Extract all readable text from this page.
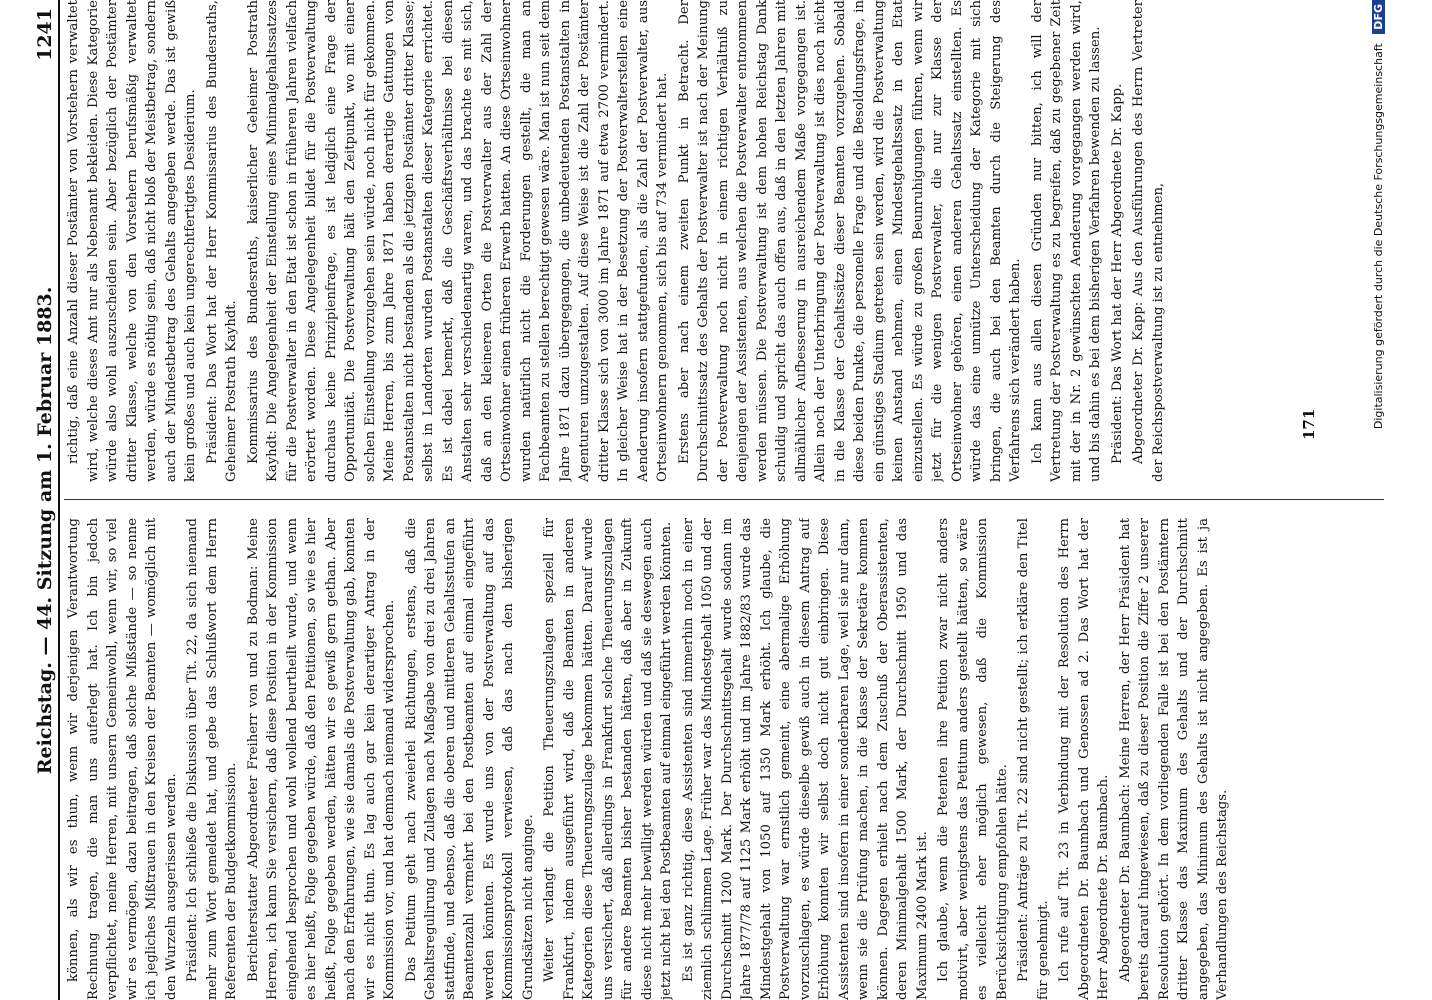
Reichstag. — 44. Sitzung am 1. Februar 1883.
1241

können, als wir es thun, wenn wir derjenigen Verantwortung Rechnung tragen, die man uns auferlegt hat. Ich bin jedoch verpflichtet, meine Herren, mit unsern Gemeinwohl, wenn wir, so viel wir es vermögen, dazu beitragen, daß solche Mißstände — so nenne ich jegliches Mißtrauen in den Kreisen der Beamten — womöglich mit den Wurzeln ausgerissen werden. Präsident: Ich schließe die Diskussion über Tit. 22, da sich niemand mehr zum Wort gemeldet hat, und gebe das Schlußwort dem Herrn Referenten der Budgetkommission. Berichterstatter Abgeordneter Freiherr von und zu Bodman: Meine Herren, ich kann Sie versichern, daß diese Position in der Kommission eingehend besprochen und wohl wollend beurtheilt wurde, und wenn es hier heißt, Folge gegeben würde, daß den Petitionen, so wie es hier heißt, Folge gegeben werden, hätten wir es gewiß gern gethan. Aber nach den Erfahrungen, wie sie damals die Postverwaltung gab, konnten wir es nicht thun. Es lag auch gar kein derartiger Antrag in der Kommission vor, und hat demnach niemand widersprochen. Das Petitum geht nach zweierlei Richtungen, erstens, daß die Gehaltsregulirung und Zulagen nach Maßgabe von drei zu drei Jahren stattfinde, und ebenso, daß die oberen und mittleren Gehaltsstufen an Beamtenzahl vermehrt bei den Postbeamten auf einmal eingeführt werden könnten. Es wurde uns von der Postverwaltung auf das Kommissionsprotokoll verwiesen, daß das nach den bisherigen Grundsätzen nicht anginge. Weiter verlangt die Petition Theuerungszulagen speziell für Frankfurt, indem ausgeführt wird, daß die Beamten in anderen Kategorien diese Theuerungszulage bekommen hätten. Darauf wurde uns versichert, daß allerdings in Frankfurt solche Theuerungszulagen für andere Beamten bisher bestanden hätten, daß aber in Zukunft diese nicht mehr bewilligt werden würden und daß sie deswegen auch jetzt nicht bei den Postbeamten auf einmal eingeführt werden könnten. Es ist ganz richtig, diese Assistenten sind immerhin noch in einer ziemlich schlimmen Lage. Früher war das Mindestgehalt 1050 und der Durchschnitt 1200 Mark. Der Durchschnittsgehalt wurde sodann im Jahre 1877/78 auf 1125 Mark erhöht und im Jahre 1882/83 wurde das Mindestgehalt von 1050 auf 1350 Mark erhöht. Ich glaube, die Postverwaltung war ernstlich gemeint, eine abermalige Erhöhung vorzuschlagen, es würde dieselbe gewiß auch in diesem Antrag auf Erhöhung konnten wir selbst doch nicht gut einbringen. Diese Assistenten sind insofern in einer sonderbaren Lage, weil sie nur dann, wenn sie die Prüfung machen, in die Klasse der Sekretäre kommen können. Dagegen erhielt nach dem Zuschuß der Oberassistenten, deren Minimalgehalt 1500 Mark, der Durchschnitt 1950 und das Maximum 2400 Mark ist. Ich glaube, wenn die Petenten ihre Petition zwar nicht anders motivirt, aber wenigstens das Petitum anders gestellt hätten, so wäre es vielleicht eher möglich gewesen, daß die Kommission Berücksichtigung empfohlen hätte. Präsident: Anträge zu Tit. 22 sind nicht gestellt; ich erkläre den Titel für genehmigt. Ich rufe auf Tit. 23 in Verbindung mit der Resolution des Herrn Abgeordneten Dr. Baumbach und Genossen ad 2. Das Wort hat der Herr Abgeordnete Dr. Baumbach. Abgeordneter Dr. Baumbach: Meine Herren, der Herr Präsident hat bereits darauf hingewiesen, daß zu dieser Position die Ziffer 2 unserer Resolution gehört. In dem vorliegenden Falle ist bei den Postämtern dritter Klasse das Maximum des Gehalts und der Durchschnitt angegeben, das Minimum des Gehalts ist nicht angegeben. Es ist ja Verhandlungen des Reichstags.

richtig, daß eine Anzahl dieser Postämter von Vorstehern verwaltet wird, welche dieses Amt nur als Nebenamt bekleiden. Diese Kategorie würde also wohl auszuscheiden sein. Aber bezüglich der Postämter dritter Klasse, welche von den Vorstehern berufsmäßig verwaltet werden, würde es nöthig sein, daß nicht bloß der Meistbetrag, sondern auch der Mindestbetrag des Gehalts angegeben werde. Das ist gewiß kein großes und auch kein ungerechtfertigtes Desiderium. Präsident: Das Wort hat der Herr Kommissarius des Bundesraths, Geheimer Postrath Kayhdt. Kommissarius des Bundesraths, kaiserlicher Geheimer Postrath Kayhdt: Die Angelegenheit der Einstellung eines Minimalgehaltssatzes für die Postverwalter in den Etat ist schon in früheren Jahren vielfach erörtert worden. Diese Angelegenheit bildet für die Postverwaltung durchaus keine Prinzipienfrage, es ist lediglich eine Frage der Opportunität. Die Postverwaltung hält den Zeitpunkt, wo mit einer solchen Einstellung vorzugehen sein würde, noch nicht für gekommen. Meine Herren, bis zum Jahre 1871 haben derartige Gattungen von Postanstalten nicht bestanden als die jetzigen Postämter dritter Klasse; selbst in Landorten wurden Postanstalten dieser Kategorie errichtet. Es ist dabei bemerkt, daß die Geschäftsverhältnisse bei diesen Anstalten sehr verschiedenartig waren, und das brachte es mit sich, daß an den kleineren Orten die Postverwalter aus der Zahl der Ortseinwohner einen früheren Erwerb hatten. An diese Ortseinwohner wurden natürlich nicht die Forderungen gestellt, die man an Fachbeamten zu stellen berechtigt gewesen wäre. Man ist nun seit dem Jahre 1871 dazu übergegangen, die unbedeutenden Postanstalten in Agenturen umzugestalten. Auf diese Weise ist die Zahl der Postämter dritter Klasse sich von 3000 im Jahre 1871 auf etwa 2700 vermindert. In gleicher Weise hat in der Besetzung der Postverwalterstellen eine Aenderung insofern stattgefunden, als die Zahl der Postverwalter, aus Ortseinwohnern genommen, sich bis auf 734 vermindert hat. Erstens aber nach einem zweiten Punkt in Betracht. Der Durchschnittssatz des Gehalts der Postverwalter ist nach der Meinung der Postverwaltung noch nicht in einem richtigen Verhältniß zu denjenigen der Assistenten, aus welchen die Postverwalter entnommen werden müssen. Die Postverwaltung ist dem hohen Reichstag Dank schuldig und spricht das auch offen aus, daß in den letzten Jahren mit allmählicher Aufbesserung in ausreichendem Maße vorgegangen ist. Allein noch der Unterbringung der Postverwaltung ist dies noch nicht in die Klasse der Gehaltssätze dieser Beamten vorzugehen. Sobald diese beiden Punkte, die personelle Frage und die Besoldungsfrage, in ein günstiges Stadium getreten sein werden, wird die Postverwaltung keinen Anstand nehmen, einen Mindestgehaltssatz in den Etat einzustellen. Es würde zu großen Beunruhigungen führen, wenn wir jetzt für die wenigen Postverwalter, die nur zur Klasse der Ortseinwohner gehören, einen anderen Gehaltssatz einstellten. Es würde das eine unnütze Unterscheidung der Kategorie mit sich bringen, die auch bei den Beamten durch die Steigerung des Verfahrens sich verändert haben. Ich kann aus allen diesen Gründen nur bitten, ich will der Vertretung der Postverwaltung es zu begreifen, daß zu gegebener Zeit mit der in Nr. 2 gewünschten Aenderung vorgegangen werden wird, und bis dahin es bei dem bisherigen Verfahren bewenden zu lassen. Präsident: Das Wort hat der Herr Abgeordnete Dr. Kapp. Abgeordneter Dr. Kapp: Aus den Ausführungen des Herrn Vertreter der Reichspostverwaltung ist zu entnehmen,	171	Digitalisierung gefördert durch die Deutsche Forschungsgemeinschaft DFG
